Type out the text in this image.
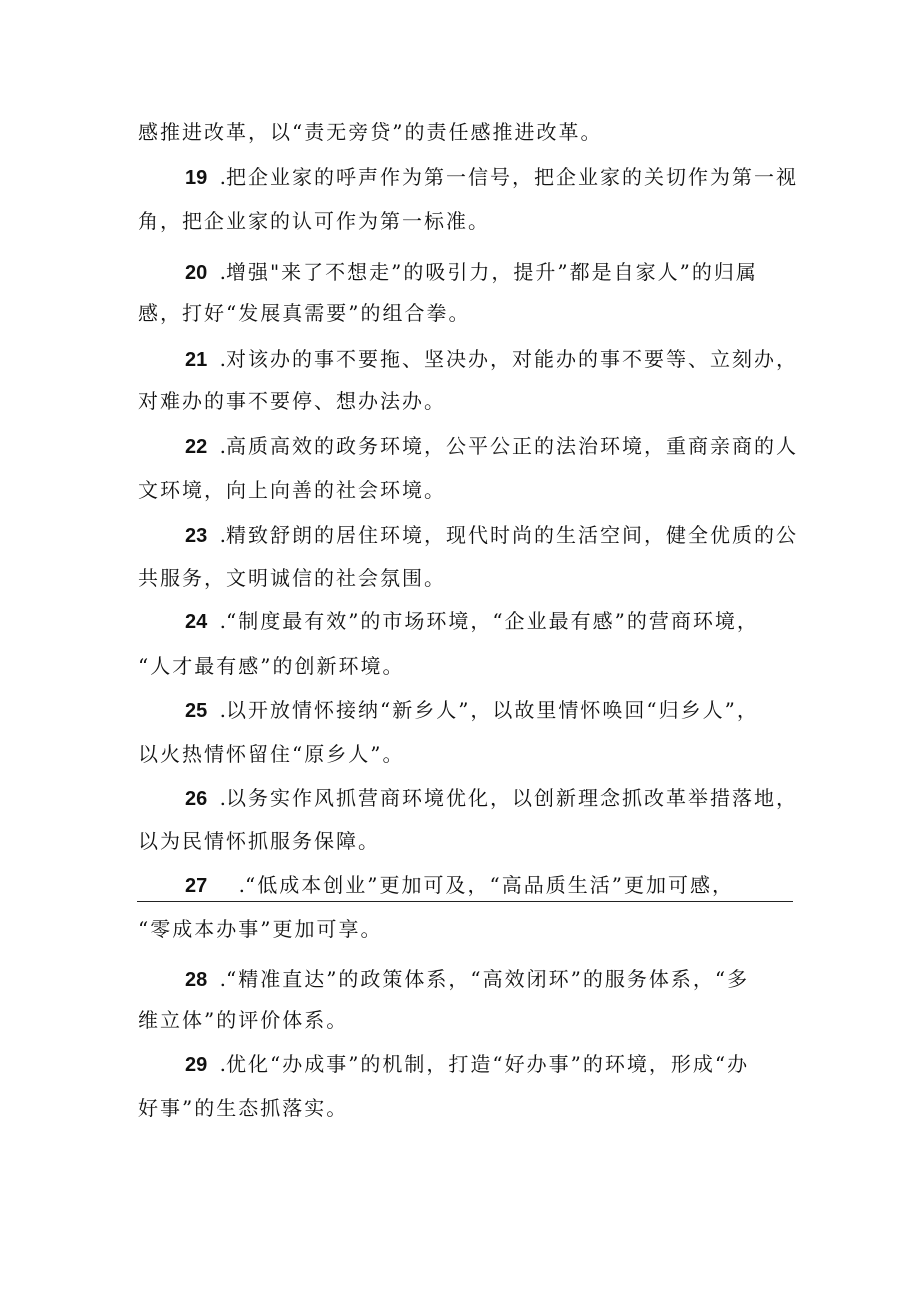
感推进改革，以“责无旁贷”的责任感推进改革。
19 .把企业家的呼声作为第一信号，把企业家的关切作为第一视
角，把企业家的认可作为第一标准。
20 .增强"来了不想走”的吸引力，提升”都是自家人”的归属
感，打好“发展真需要”的组合拳。
21 .对该办的事不要拖、坚决办，对能办的事不要等、立刻办，
对难办的事不要停、想办法办。
22 .高质高效的政务环境，公平公正的法治环境，重商亲商的人
文环境，向上向善的社会环境。
23 .精致舒朗的居住环境，现代时尚的生活空间，健全优质的公
共服务，文明诚信的社会氛围。
24 .“制度最有效”的市场环境，“企业最有感”的营商环境，
“人才最有感”的创新环境。
25 .以开放情怀接纳“新乡人”，以故里情怀唤回“归乡人”，
以火热情怀留住“原乡人”。
26 .以务实作风抓营商环境优化，以创新理念抓改革举措落地，
以为民情怀抓服务保障。
27    .“低成本创业”更加可及，“高品质生活”更加可感，
“零成本办事”更加可享。
28 .“精准直达”的政策体系，“高效闭环”的服务体系，“多
维立体”的评价体系。
29 .优化“办成事”的机制，打造“好办事”的环境，形成“办
好事”的生态抓落实。
